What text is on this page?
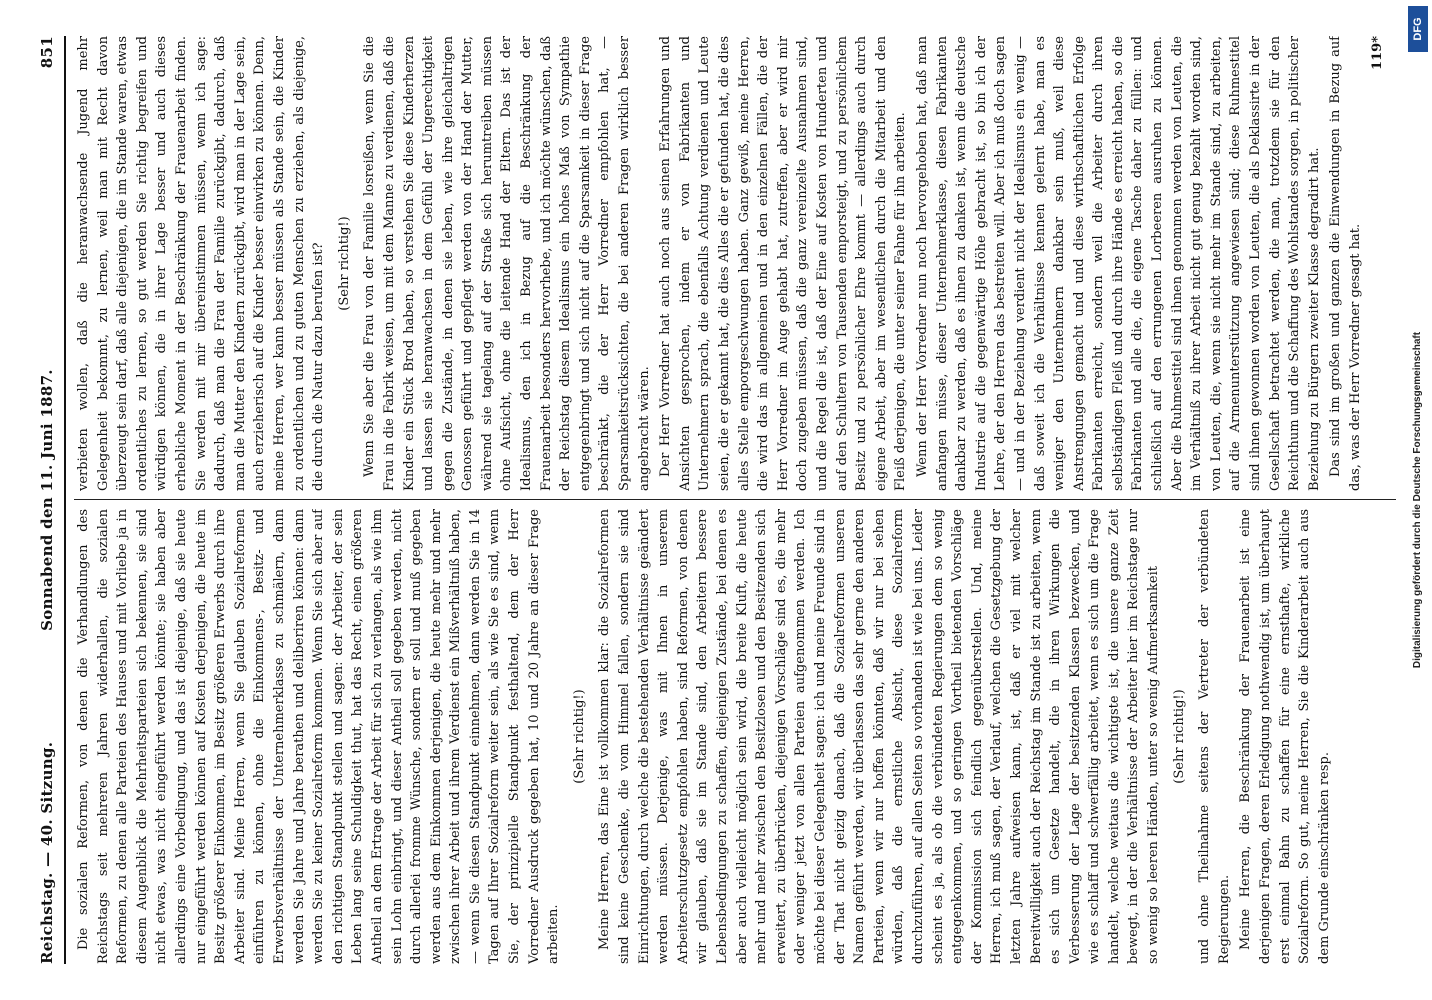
Reichstag. — 40. Sitzung.
Sonnabend den 11. Juni 1887.
851

Die sozialen Reformen, von denen die Verhandlungen des Reichstags seit mehreren Jahren widerhallen, die sozialen Reformen, zu denen alle Parteien des Hauses und mit Vorliebe ja in diesem Augenblick die Mehrheitsparteien sich bekennen, sie sind nicht etwas, was nicht eingeführt werden könnte; sie haben aber allerdings eine Vorbedingung, und das ist diejenige, daß sie heute nur eingeführt werden können auf Kosten derjenigen, die heute im Besitz größerer Einkommen, im Besitz größeren Erwerbs durch ihre Arbeiter sind. Meine Herren, wenn Sie glauben Sozialreformen einführen zu können, ohne die Einkommens-, Besitz- und Erwerbsverhältnisse der Unternehmerklasse zu schmälern, dann werden Sie Jahre und Jahre berathen und deliberiren können: dann werden Sie zu keiner Sozialreform kommen. Wenn Sie sich aber auf den richtigen Standpunkt stellen und sagen: der Arbeiter, der sein Leben lang seine Schuldigkeit thut, hat das Recht, einen größeren Antheil an dem Ertrage der Arbeit für sich zu verlangen, als wie ihm sein Lohn einbringt, und dieser Antheil soll gegeben werden, nicht durch allerlei fromme Wünsche, sondern er soll und muß gegeben werden aus dem Einkommen derjenigen, die heute mehr und mehr zwischen ihrer Arbeit und ihrem Verdienst ein Mißverhältniß haben, — wenn Sie diesen Standpunkt einnehmen, dann werden Sie in 14 Tagen auf Ihrer Sozialreform weiter sein, als wie Sie es sind, wenn Sie, der prinzipielle Standpunkt festhaltend, dem der Herr Vorredner Ausdruck gegeben hat, 10 und 20 Jahre an dieser Frage arbeiten.

(Sehr richtig!) Meine Herren, das Eine ist vollkommen klar: die Sozialreformen sind keine Geschenke, die vom Himmel fallen, sondern sie sind Einrichtungen, durch welche die bestehenden Verhältnisse geändert werden müssen. Derjenige, was mit Ihnen in unserem Arbeiterschutzgesetz empfohlen haben, sind Reformen, von denen wir glauben, daß sie im Stande sind, den Arbeitern bessere Lebensbedingungen zu schaffen, diejenigen Zustände, bei denen es aber auch vielleicht möglich sein wird, die breite Kluft, die heute mehr und mehr zwischen den Besitzlosen und den Besitzenden sich erweitert, zu überbrücken, diejenigen Vorschläge sind es, die mehr oder weniger jetzt von allen Parteien aufgenommen werden. Ich möchte bei dieser Gelegenheit sagen: ich und meine Freunde sind in der That nicht geizig danach, daß die Sozialreformen unseren Namen geführt werden, wir überlassen das sehr gerne den anderen Parteien, wenn wir nur hoffen könnten, daß wir nur bei sehen würden, daß die ernstliche Absicht, diese Sozialreform durchzuführen, auf allen Seiten so vorhanden ist wie bei uns. Leider scheint es ja, als ob die verbündeten Regierungen dem so wenig entgegenkommen, und so geringen Vortheil bietenden Vorschläge der Kommission sich feindlich gegenüberstellen. Und, meine Herren, ich muß sagen, der Verlauf, welchen die Gesetzgebung der letzten Jahre aufweisen kann, ist, daß er viel mit welcher Bereitwilligkeit auch der Reichstag im Stande ist zu arbeiten, wenn es sich um Gesetze handelt, die in ihren Wirkungen die Verbesserung der Lage der besitzenden Klassen bezwecken, und wie es schlaff und schwerfällig arbeitet, wenn es sich um die Frage handelt, welche weitaus die wichtigste ist, die unsere ganze Zeit bewegt, in der die Verhältnisse der Arbeiter hier im Reichstage nur so wenig so leeren Händen, unter so wenig Aufmerksamkeit (Sehr richtig!) und ohne Theilnahme seitens der Vertreter der verbündeten Regierungen. Meine Herren, die Beschränkung der Frauenarbeit ist eine derjenigen Fragen, deren Erledigung nothwendig ist, um überhaupt erst einmal Bahn zu schaffen für eine ernsthafte, wirkliche Sozialreform. So gut, meine Herren, Sie die Kinderarbeit auch aus dem Grunde einschränken resp.

verbieten wollen, daß die heranwachsende Jugend mehr Gelegenheit bekommt, zu lernen, weil man mit Recht davon überzeugt sein darf, daß alle diejenigen, die im Stande waren, etwas ordentliches zu lernen, so gut werden Sie richtig begreifen und würdigen können, die in ihrer Lage besser und auch dieses erhebliche Moment in der Beschränkung der Frauenarbeit finden. Sie werden mit mir übereinstimmen müssen, wenn ich sage: dadurch, daß man die Frau der Familie zurückgibt, dadurch, daß man die Mutter den Kindern zurückgibt, wird man in der Lage sein, auch erzieherisch auf die Kinder besser einwirken zu können. Denn, meine Herren, wer kann besser müssen als Stande sein, die Kinder zu ordentlichen und zu guten Menschen zu erziehen, als diejenige, die durch die Natur dazu berufen ist? (Sehr richtig!) Wenn Sie aber die Frau von der Familie losreißen, wenn Sie die Frau in die Fabrik weisen, um mit dem Manne zu verdienen, daß die Kinder ein Stück Brod haben, so verstehen Sie diese Kinderherzen und lassen sie heranwachsen in dem Gefühl der Ungerechtigkeit gegen die Zustände, in denen sie leben, wie ihre gleichaltrigen Genossen geführt und gepflegt werden von der Hand der Mutter, während sie tagelang auf der Straße sich herumtreiben müssen ohne Aufsicht, ohne die leitende Hand der Eltern. Das ist der Idealismus, den ich in Bezug auf die Beschränkung der Frauenarbeit besonders hervorhebe, und ich möchte wünschen, daß der Reichstag diesem Idealismus ein hohes Maß von Sympathie entgegenbringt und sich nicht auf die Sparsamkeit in dieser Frage beschränkt, die der Herr Vorredner empfohlen hat, — Sparsamkeitsrücksichten, die bei anderen Fragen wirklich besser angebracht wären. Der Herr Vorredner hat auch noch aus seinen Erfahrungen und Ansichten gesprochen, indem er von Fabrikanten und Unternehmern sprach, die ebenfalls Achtung verdienen und Leute seien, die er gekannt hat, die dies Alles die er gefunden hat, die dies alles Stelle emporgeschwungen haben. Ganz gewiß, meine Herren, die wird das im allgemeinen und in den einzelnen Fällen, die der Herr Vorredner im Auge gehabt hat, zutreffen, aber er wird mir doch zugeben müssen, daß die ganz vereinzelte Ausnahmen sind, und die Regel die ist, daß der Eine auf Kosten von Hunderten und auf den Schultern von Tausenden emporsteigt, und zu persönlichem Besitz und zu persönlicher Ehre kommt — allerdings auch durch eigene Arbeit, aber im wesentlichen durch die Mitarbeit und den Fleiß derjenigen, die unter seiner Fahne für ihn arbeiten. Wenn der Herr Vorredner nun noch hervorgehoben hat, daß man anfangen müsse, dieser Unternehmerklasse, diesen Fabrikanten dankbar zu werden, daß es ihnen zu danken ist, wenn die deutsche Industrie auf die gegenwärtige Höhe gebracht ist, so bin ich der Lehre, der den Herren das bestreiten will. Aber ich muß doch sagen — und in der Beziehung verdient nicht der Idealismus ein wenig — daß soweit ich die Verhältnisse kennen gelernt habe, man es weniger den Unternehmern dankbar sein muß, weil diese Anstrengungen gemacht und und diese wirthschaftlichen Erfolge Fabrikanten erreicht, sondern weil die Arbeiter durch ihren selbständigen Fleiß und durch ihre Hände es erreicht haben, so die Fabrikanten und alle die, die eigene Tasche daher zu füllen: und schließlich auf den errungenen Lorbeeren ausruhen zu können. Aber die Ruhmestitel sind ihnen genommen werden von Leuten, die im Verhältniß zu ihrer Arbeit nicht gut genug bezahlt worden sind, von Leuten, die, wenn sie nicht mehr im Stande sind, zu arbeiten, auf die Armenunterstützung angewiesen sind; diese Ruhmestitel sind ihnen gewonnen worden von Leuten, die als Deklassirte in der Gesellschaft betrachtet werden, die man, trotzdem sie für den Reichthum und die Schaffung des Wohlstandes sorgen, in politischer Beziehung zu Bürgern zweiter Klasse degradirt hat. Das sind im großen und ganzen die Einwendungen in Bezug auf das, was der Herr Vorredner gesagt hat.

119*
DFG
Digitalisierung gefördert durch die Deutsche Forschungsgemeinschaft
